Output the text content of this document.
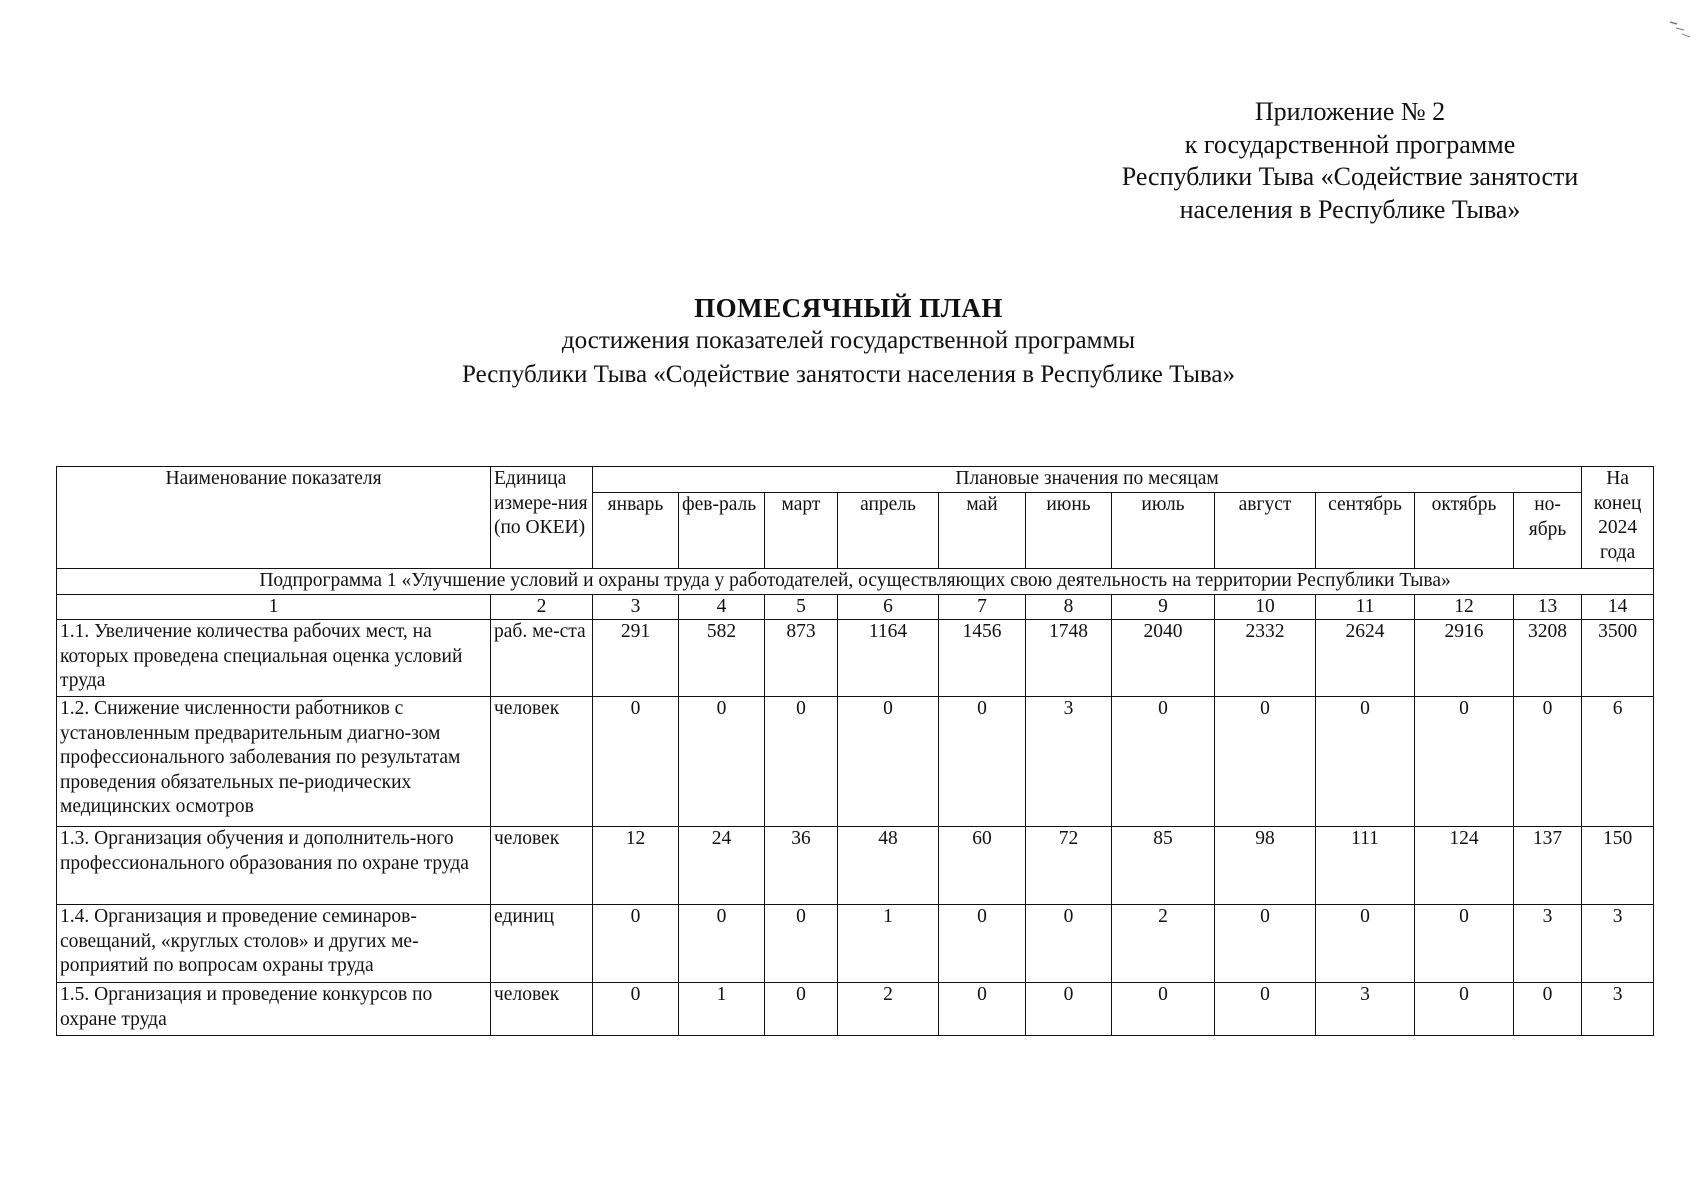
Приложение № 2
к государственной программе
Республики Тыва «Содействие занятости
населения в Республике Тыва»
ПОМЕСЯЧНЫЙ ПЛАН
достижения показателей государственной программы
Республики Тыва «Содействие занятости населения в Республике Тыва»
Наименование показателя	Единица измере-ния (по ОКЕИ)	Плановые значения по месяцам											На конец 2024 года
		январь	фев-раль	март	апрель	май	июнь	июль	август	сентябрь	октябрь	но-ябрь	
Подпрограмма 1 «Улучшение условий и охраны труда у работодателей, осуществляющих свою деятельность на территории Республики Тыва»													
1	2	3	4	5	6	7	8	9	10	11	12	13	14
1.1. Увеличение количества рабочих мест, на которых проведена специальная оценка условий труда	раб. ме-ста	291	582	873	1164	1456	1748	2040	2332	2624	2916	3208	3500
1.2. Снижение численности работников с установленным предварительным диагно-зом профессионального заболевания по результатам проведения обязательных пе-риодических медицинских осмотров	человек	0	0	0	0	0	3	0	0	0	0	0	6
1.3. Организация обучения и дополнитель-ного профессионального образования по охране труда	человек	12	24	36	48	60	72	85	98	111	124	137	150
1.4. Организация и проведение семинаров-совещаний, «круглых столов» и других ме-роприятий по вопросам охраны труда	единиц	0	0	0	1	0	0	2	0	0	0	3	3
1.5. Организация и проведение конкурсов по охране труда	человек	0	1	0	2	0	0	0	0	3	0	0	3
